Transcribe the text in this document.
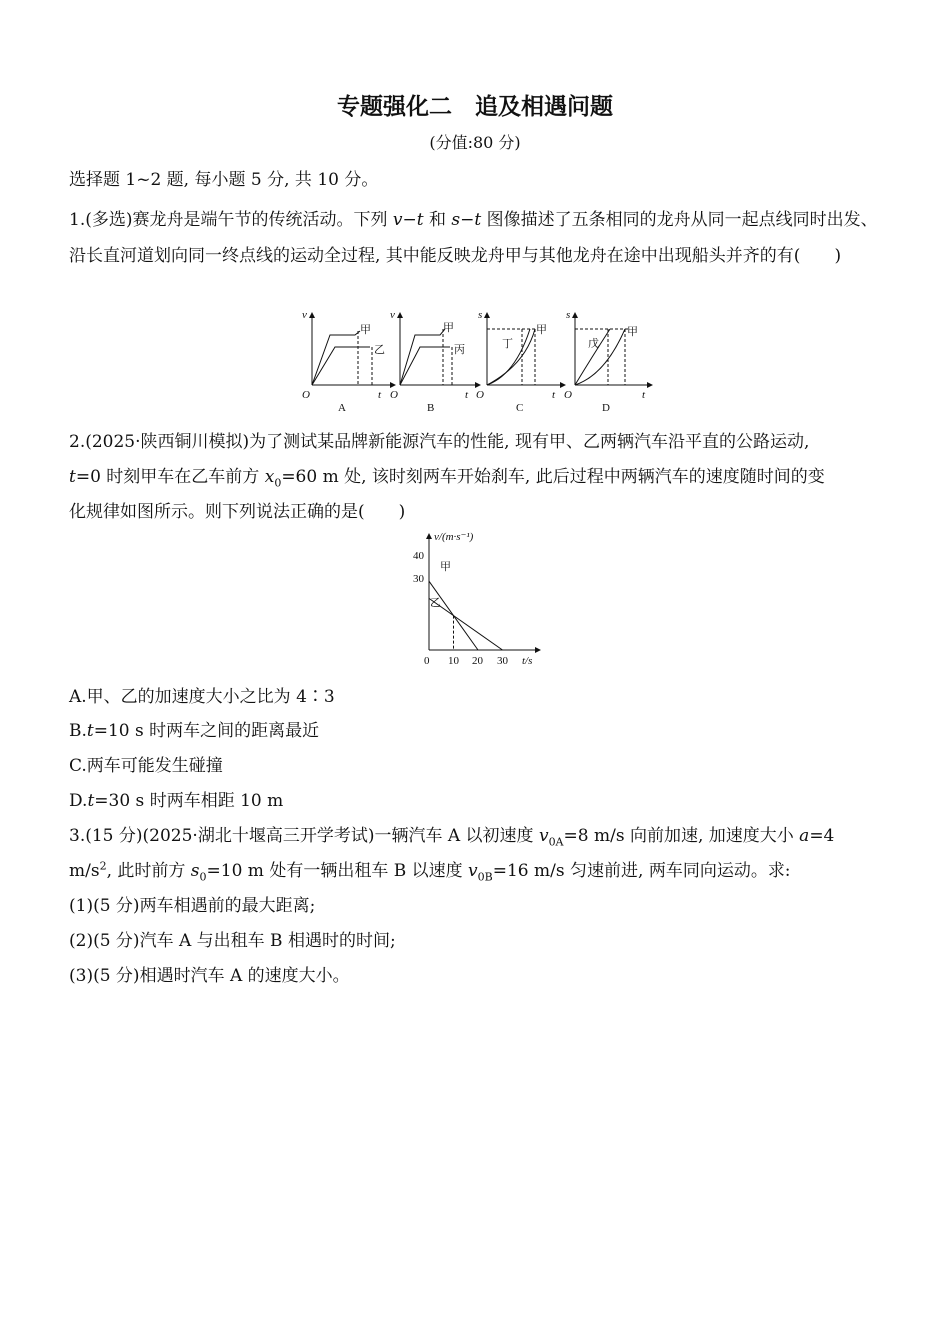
专题强化二　追及相遇问题
(分值:80 分)
选择题 1~2 题, 每小题 5 分, 共 10 分。
1.(多选)赛龙舟是端午节的传统活动。下列 v−t 和 s−t 图像描述了五条相同的龙舟从同一起点线同时出发、沿长直河道划向同一终点线的运动全过程, 其中能反映龙舟甲与其他龙舟在途中出现船头并齐的有(　　)
v
t
O
甲
乙
A
v
t
O
甲
丙
B
s
t
O
丁
甲
C
s
t
O
戊
甲
D
2.(2025·陕西铜川模拟)为了测试某品牌新能源汽车的性能, 现有甲、乙两辆汽车沿平直的公路运动,
t=0 时刻甲车在乙车前方 $x_0=60$ m 处, 该时刻两车开始刹车, 此后过程中两辆汽车的速度随时间的变
化规律如图所示。则下列说法正确的是(　　)
v/(m·s⁻¹)
t/s
0
40
30
10 20 30
甲
乙
A.甲、乙的加速度大小之比为 4∶3
B.t=10 s 时两车之间的距离最近
C.两车可能发生碰撞
D.t=30 s 时两车相距 10 m
3.(15 分)(2025·湖北十堰高三开学考试)一辆汽车 A 以初速度 $v_{0A}=8$ m/s 向前加速, 加速度大小 a=4
$m/s^2$, 此时前方 $s_0=10$ m 处有一辆出租车 B 以速度 $v_{0B}=16$ m/s 匀速前进, 两车同向运动。求:
(1)(5 分)两车相遇前的最大距离;
(2)(5 分)汽车 A 与出租车 B 相遇时的时间;
(3)(5 分)相遇时汽车 A 的速度大小。
